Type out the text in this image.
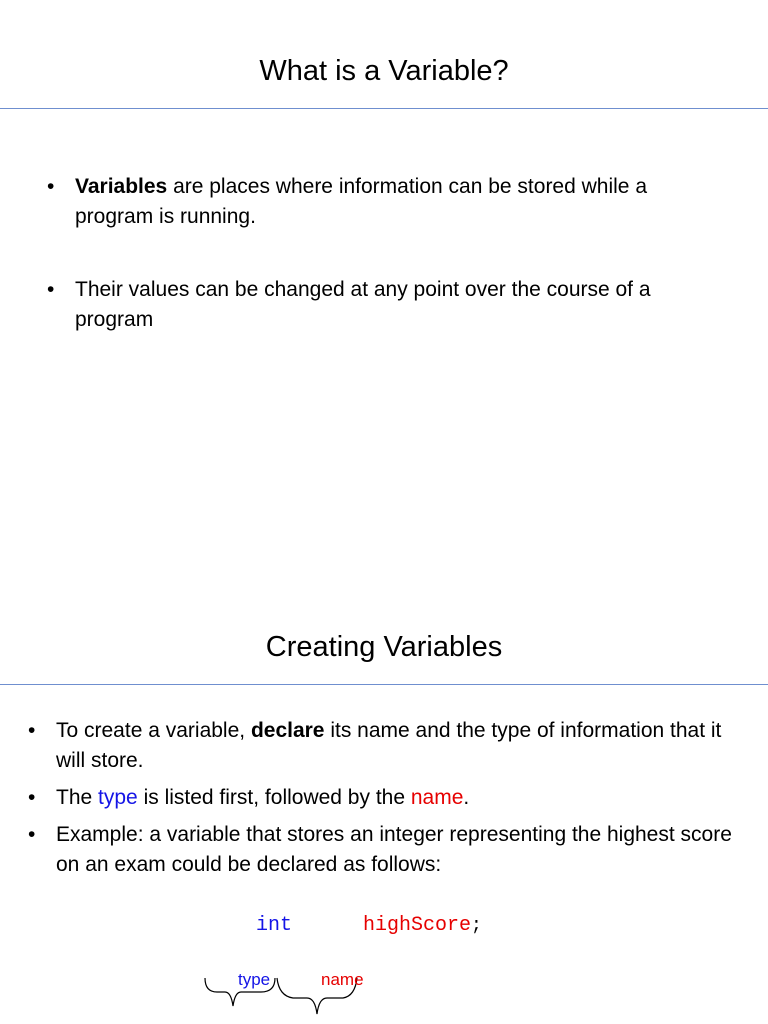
What is a Variable?
• Variables are places where information can be stored while a program is running.
• Their values can be changed at any point over the course of a program
Creating Variables
• To create a variable, declare its name and the type of information that it will store.
• The type is listed first, followed by the name.
• Example: a variable that stores an integer representing the highest score on an exam could be declared as follows:
int	highScore;
type	name
